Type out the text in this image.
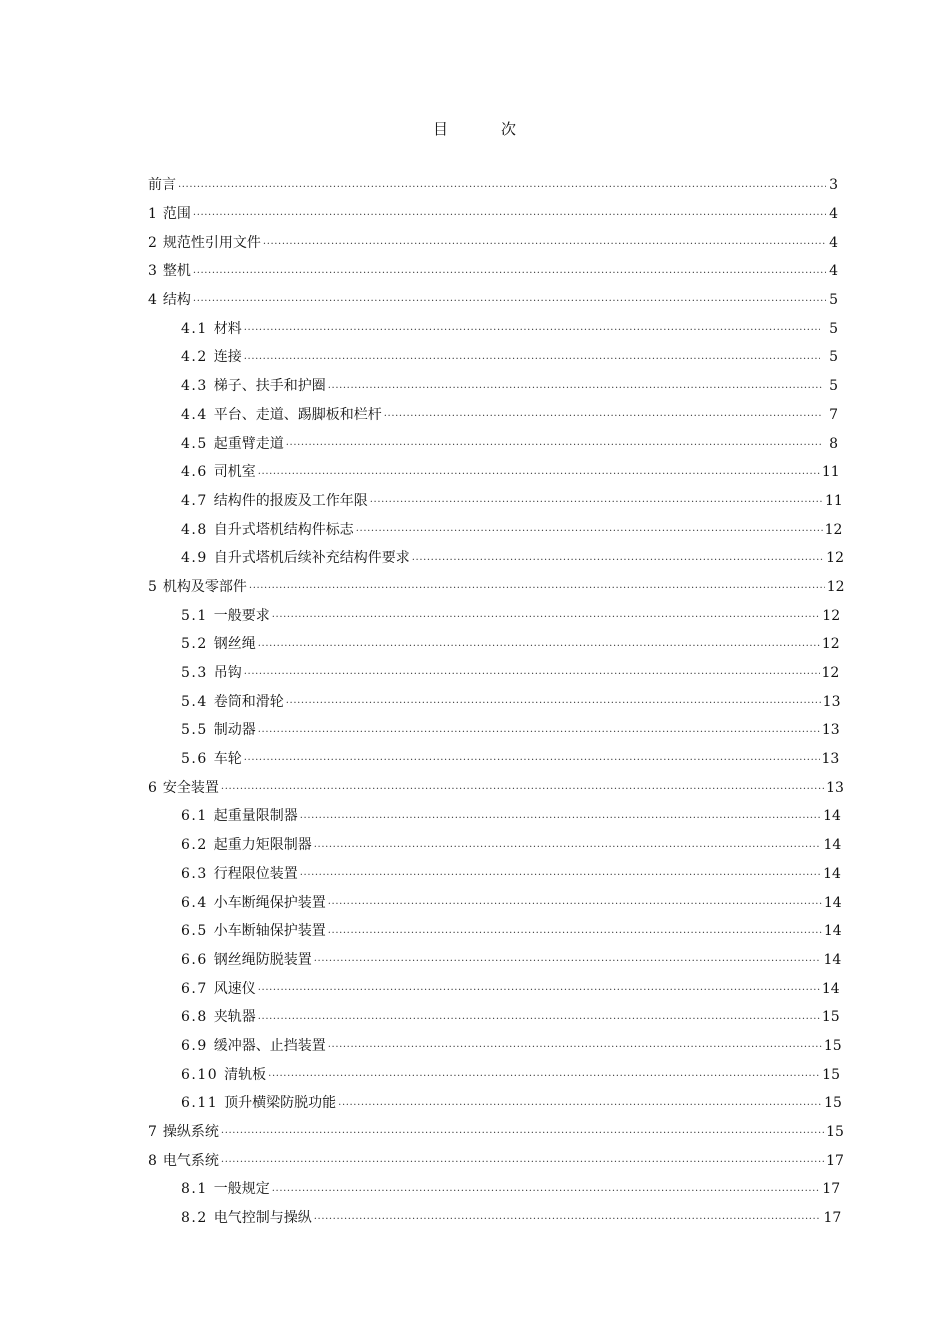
目	次
前言 .....	3
1 范围 .....	4
2 规范性引用文件 .....	4
3 整机 .....	4
4 结构 .....	5
4.1 材料 .....	5
4.2 连接 .....	5
4.3 梯子、扶手和护圈 .....	5
4.4 平台、走道、踢脚板和栏杆 .....	7
4.5 起重臂走道 .....	8
4.6 司机室 .....	11
4.7 结构件的报废及工作年限 .....	11
4.8 自升式塔机结构件标志 .....	12
4.9 自升式塔机后续补充结构件要求 .....	12
5 机构及零部件 .....	12
5.1 一般要求 .....	12
5.2 钢丝绳 .....	12
5.3 吊钩 .....	12
5.4 卷筒和滑轮 .....	13
5.5 制动器 .....	13
5.6 车轮 .....	13
6 安全装置 .....	13
6.1 起重量限制器 .....	14
6.2 起重力矩限制器 .....	14
6.3 行程限位装置 .....	14
6.4 小车断绳保护装置 .....	14
6.5 小车断轴保护装置 .....	14
6.6 钢丝绳防脱装置 .....	14
6.7 风速仪 .....	14
6.8 夹轨器 .....	15
6.9 缓冲器、止挡装置 .....	15
6.10 清轨板 .....	15
6.11 顶升横梁防脱功能 .....	15
7 操纵系统 .....	15
8 电气系统 .....	17
8.1 一般规定 .....	17
8.2 电气控制与操纵 .....	17
